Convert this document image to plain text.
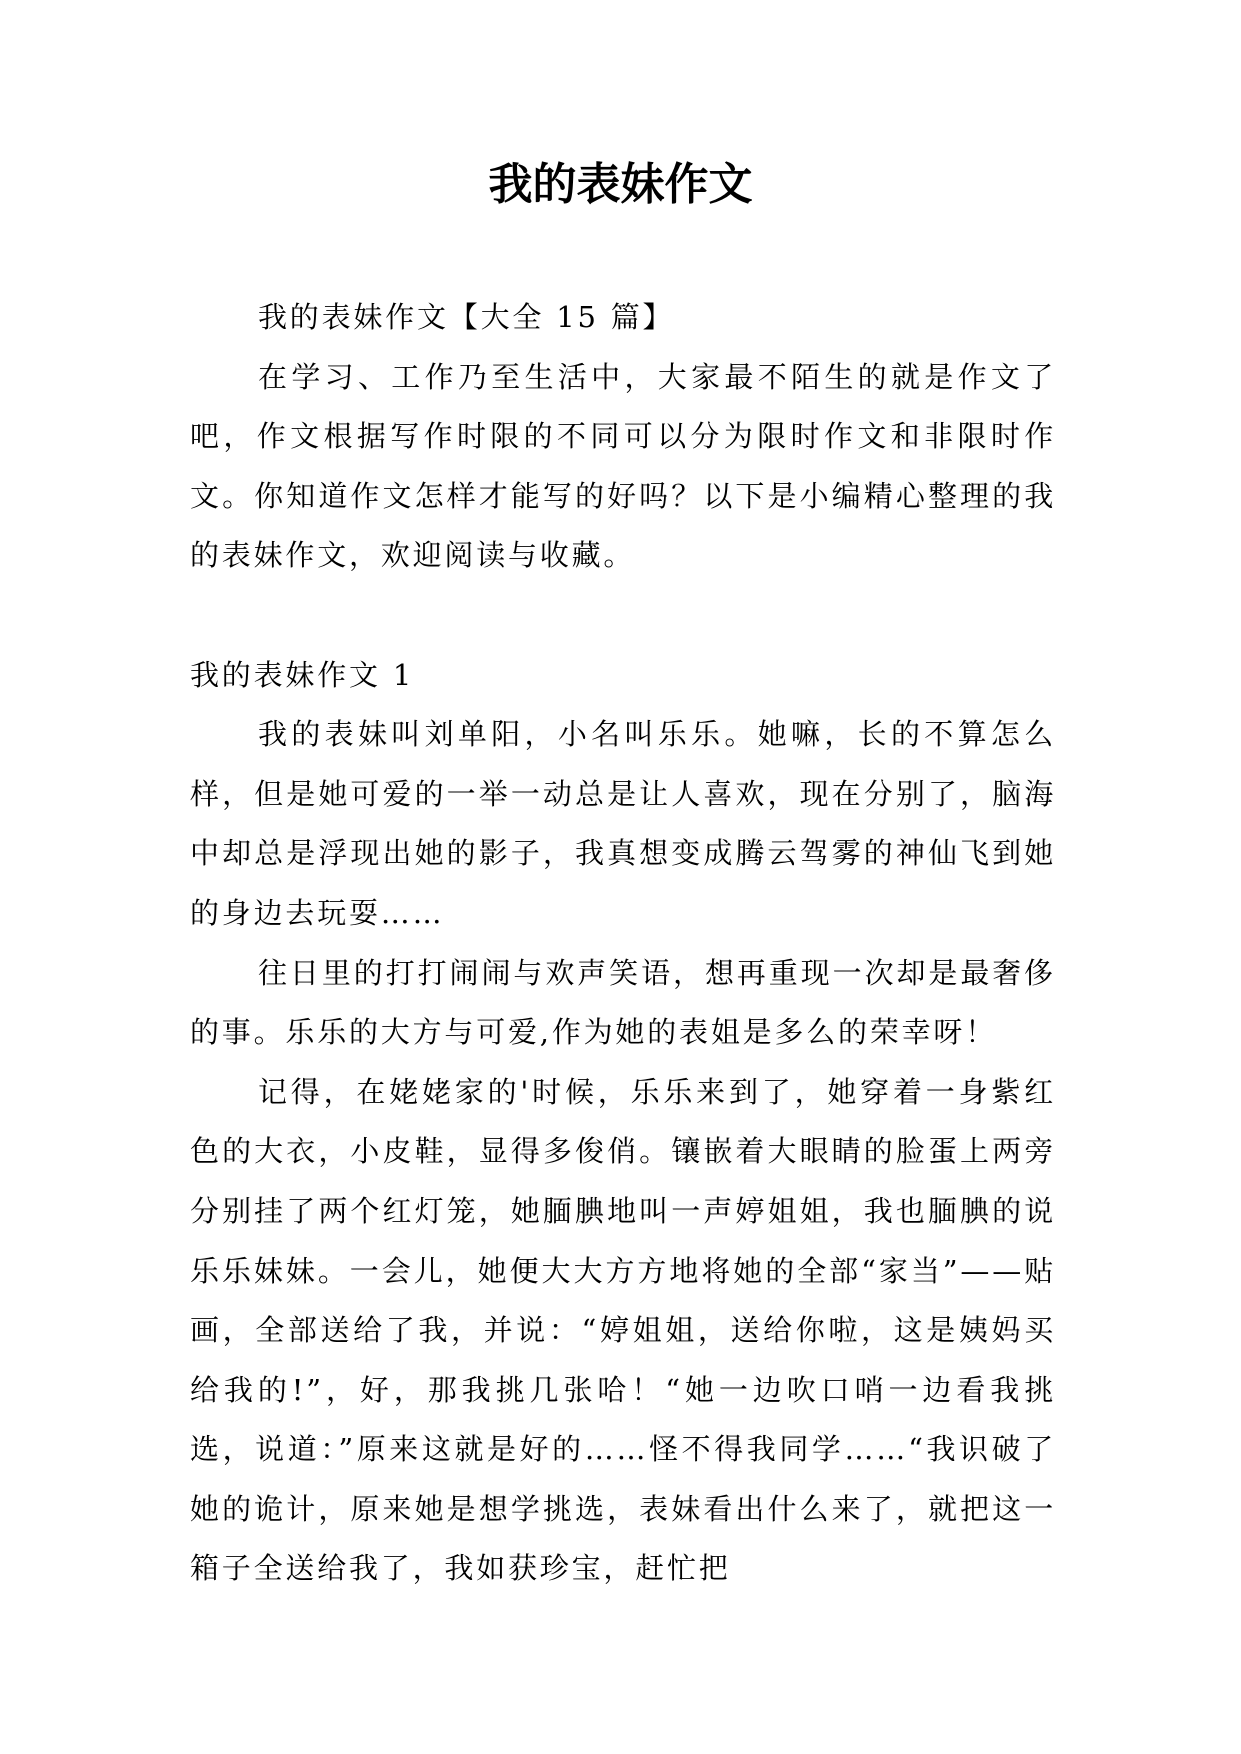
我的表妹作文

我的表妹作文【大全 15 篇】

在学习、工作乃至生活中，大家最不陌生的就是作文了吧，作文根据写作时限的不同可以分为限时作文和非限时作文。你知道作文怎样才能写的好吗？以下是小编精心整理的我的表妹作文，欢迎阅读与收藏。

我的表妹作文 1

我的表妹叫刘单阳，小名叫乐乐。她嘛，长的不算怎么样，但是她可爱的一举一动总是让人喜欢，现在分别了，脑海中却总是浮现出她的影子，我真想变成腾云驾雾的神仙飞到她的身边去玩耍……

往日里的打打闹闹与欢声笑语，想再重现一次却是最奢侈的事。乐乐的大方与可爱,作为她的表姐是多么的荣幸呀！

记得，在姥姥家的'时候，乐乐来到了，她穿着一身紫红色的大衣，小皮鞋，显得多俊俏。镶嵌着大眼睛的脸蛋上两旁分别挂了两个红灯笼，她腼腆地叫一声婷姐姐，我也腼腆的说乐乐妹妹。一会儿，她便大大方方地将她的全部“家当”——贴画，全部送给了我，并说：“婷姐姐，送给你啦，这是姨妈买给我的!”，好，那我挑几张哈！“她一边吹口哨一边看我挑选，说道：”原来这就是好的……怪不得我同学……“我识破了她的诡计，原来她是想学挑选，表妹看出什么来了，就把这一箱子全送给我了，我如获珍宝，赶忙把
